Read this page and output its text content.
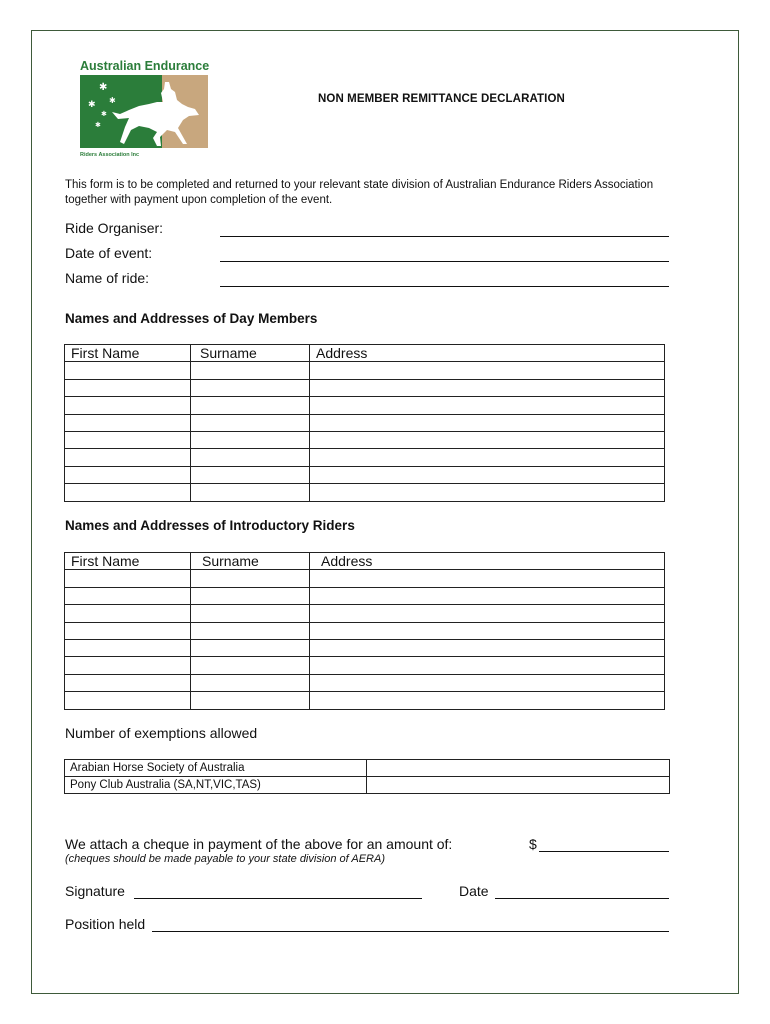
Australian Endurance
✱
✱ ✱
✱
✱
Riders Association Inc
NON MEMBER REMITTANCE DECLARATION
This form is to be completed and returned to your relevant state division of Australian Endurance Riders Association together with payment upon completion of the event.
Ride Organiser:
Date of event:
Name of ride:
Names and Addresses of Day Members
First Name	Surname	Address

Names and Addresses of Introductory Riders
First Name	Surname	Address

Number of exemptions allowed
Arabian Horse Society of Australia	
Pony Club Australia (SA,NT,VIC,TAS)	
We attach a cheque in payment of the above for an amount of:
(cheques should be made payable to your state division of AERA)
$
Signature	Date
Position held
